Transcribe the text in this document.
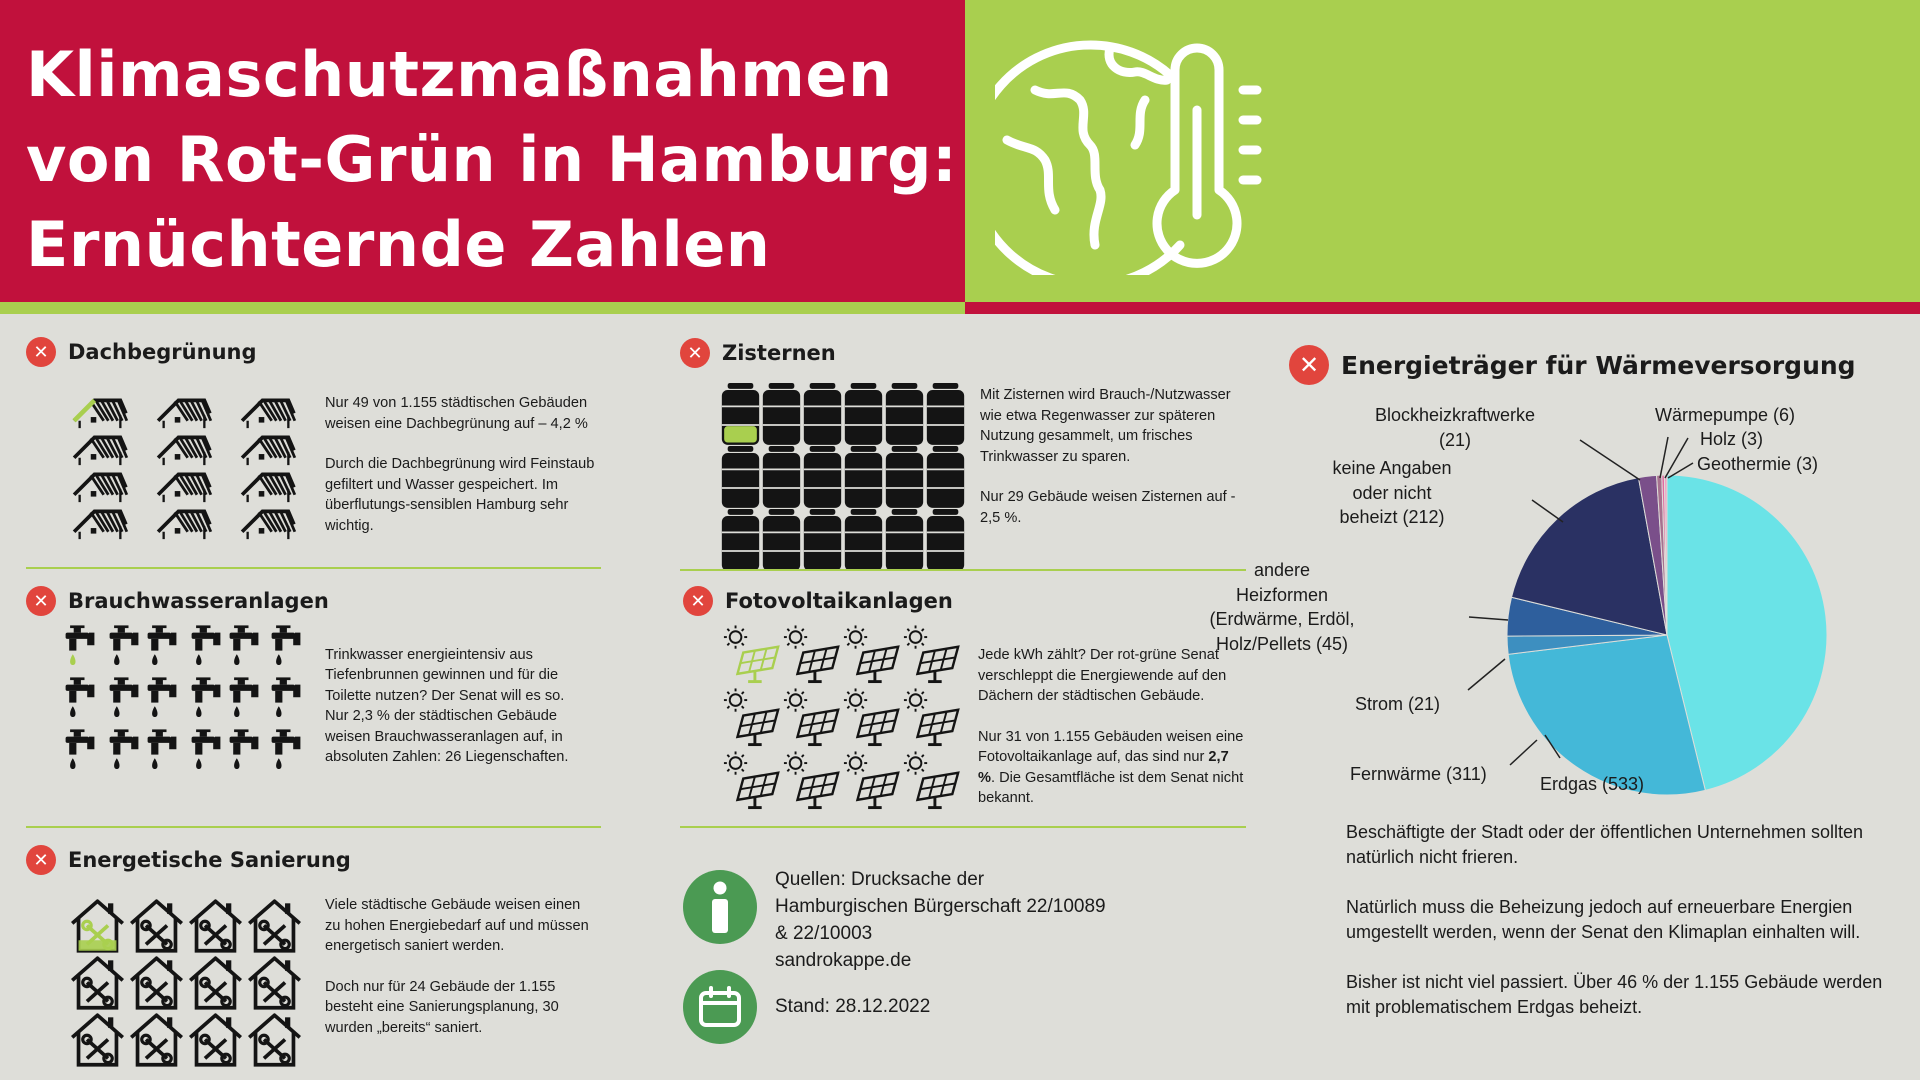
Klimaschutzmaßnahmen
von Rot-Grün in Hamburg:
Ernüchternde Zahlen
✕ Dachbegrünung

Nur 49 von 1.155 städtischen Gebäuden weisen eine Dachbegrünung auf – 4,2 %

Durch die Dachbegrünung wird Feinstaub gefiltert und Wasser gespeichert. Im überflutungs-sensiblen Hamburg sehr wichtig.

✕ Brauchwasseranlagen

Trinkwasser energieintensiv aus Tiefenbrunnen gewinnen und für die Toilette nutzen? Der Senat will es so.
Nur 2,3 % der städtischen Gebäude weisen Brauchwasseranlagen auf, in absoluten Zahlen: 26 Liegenschaften.

✕ Energetische Sanierung

Viele städtische Gebäude weisen einen zu hohen Energiebedarf auf und müssen energetisch saniert werden.

Doch nur für 24 Gebäude der 1.155 besteht eine Sanierungsplanung, 30 wurden „bereits“ saniert.

✕ Zisternen

Mit Zisternen wird Brauch-/Nutzwasser wie etwa Regenwasser zur späteren Nutzung gesammelt, um frisches Trinkwasser zu sparen.

Nur 29 Gebäude weisen Zisternen auf - 2,5 %.

✕ Fotovoltaikanlagen

Jede kWh zählt? Der rot-grüne Senat verschleppt die Energiewende auf den Dächern der städtischen Gebäude.

Nur 31 von 1.155 Gebäuden weisen eine Fotovoltaikanlage auf, das sind nur 2,7 %. Die Gesamtfläche ist dem Senat nicht bekannt.

Quellen: Drucksache der
Hamburgischen Bürgerschaft 22/10089
& 22/10003
sandrokappe.de
Stand: 28.12.2022
✕ Energieträger für Wärmeversorgung
Erdgas (533)
Fernwärme (311)
Strom (21)
andere
Heizformen
(Erdwärme, Erdöl,
Holz/Pellets (45)
keine Angaben
oder nicht
beheizt (212)
Blockheizkraftwerke
(21)
Wärmepumpe (6)
Holz (3)
Geothermie (3)

Beschäftigte der Stadt oder der öffentlichen Unternehmen sollten natürlich nicht frieren.

Natürlich muss die Beheizung jedoch auf erneuerbare Energien umgestellt werden, wenn der Senat den Klimaplan einhalten will.

Bisher ist nicht viel passiert. Über 46 % der 1.155 Gebäude werden mit problematischem Erdgas beheizt.
